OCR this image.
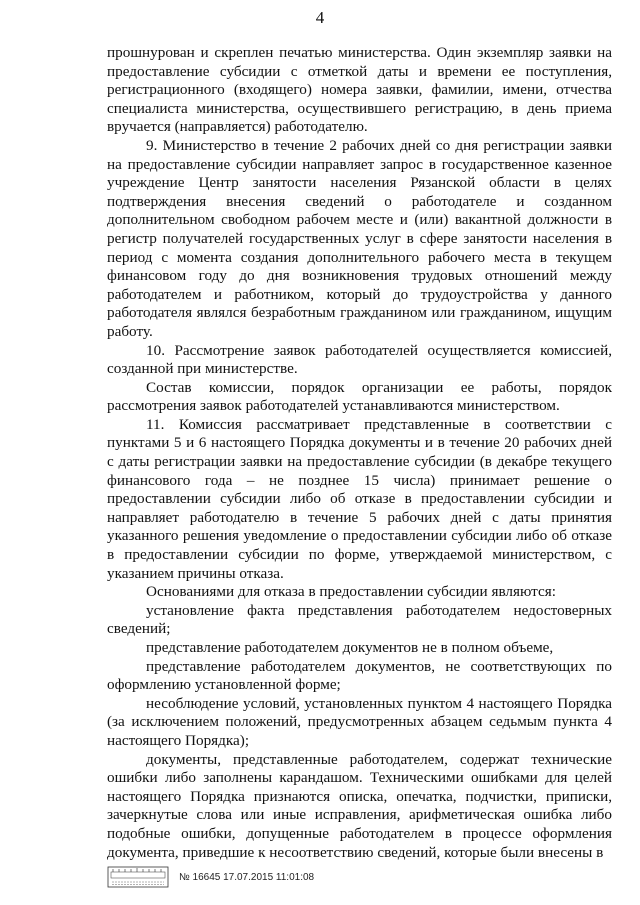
4

прошнурован и скреплен печатью министерства. Один экземпляр заявки на предоставление субсидии с отметкой даты и времени ее поступления, регистрационного (входящего) номера заявки, фамилии, имени, отчества специалиста министерства, осуществившего регистрацию, в день приема вручается (направляется) работодателю.

9. Министерство в течение 2 рабочих дней со дня регистрации заявки на предоставление субсидии направляет запрос в государственное казенное учреждение Центр занятости населения Рязанской области в целях подтверждения внесения сведений о работодателе и созданном дополнительном свободном рабочем месте и (или) вакантной должности в регистр получателей государственных услуг в сфере занятости населения в период с момента создания дополнительного рабочего места в текущем финансовом году до дня возникновения трудовых отношений между работодателем и работником, который до трудоустройства у данного работодателя являлся безработным гражданином или гражданином, ищущим работу.

10. Рассмотрение заявок работодателей осуществляется комиссией, созданной при министерстве.

Состав комиссии, порядок организации ее работы, порядок рассмотрения заявок работодателей устанавливаются министерством.

11. Комиссия рассматривает представленные в соответствии с пунктами 5 и 6 настоящего Порядка документы и в течение 20 рабочих дней с даты регистрации заявки на предоставление субсидии (в декабре текущего финансового года – не позднее 15 числа) принимает решение о предоставлении субсидии либо об отказе в предоставлении субсидии и направляет работодателю в течение 5 рабочих дней с даты принятия указанного решения уведомление о предоставлении субсидии либо об отказе в предоставлении субсидии по форме, утверждаемой министерством, с указанием причины отказа.

Основаниями для отказа в предоставлении субсидии являются:

установление факта представления работодателем недостоверных сведений;

представление работодателем документов не в полном объеме,

представление работодателем документов, не соответствующих по оформлению установленной форме;

несоблюдение условий, установленных пунктом 4 настоящего Порядка (за исключением положений, предусмотренных абзацем седьмым пункта 4 настоящего Порядка);

документы, представленные работодателем, содержат технические ошибки либо заполнены карандашом. Техническими ошибками для целей настоящего Порядка признаются описка, опечатка, подчистки, приписки, зачеркнутые слова или иные исправления, арифметическая ошибка либо подобные ошибки, допущенные работодателем в процессе оформления документа, приведшие к несоответствию сведений, которые были внесены в

№ 16645 17.07.2015 11:01:08
